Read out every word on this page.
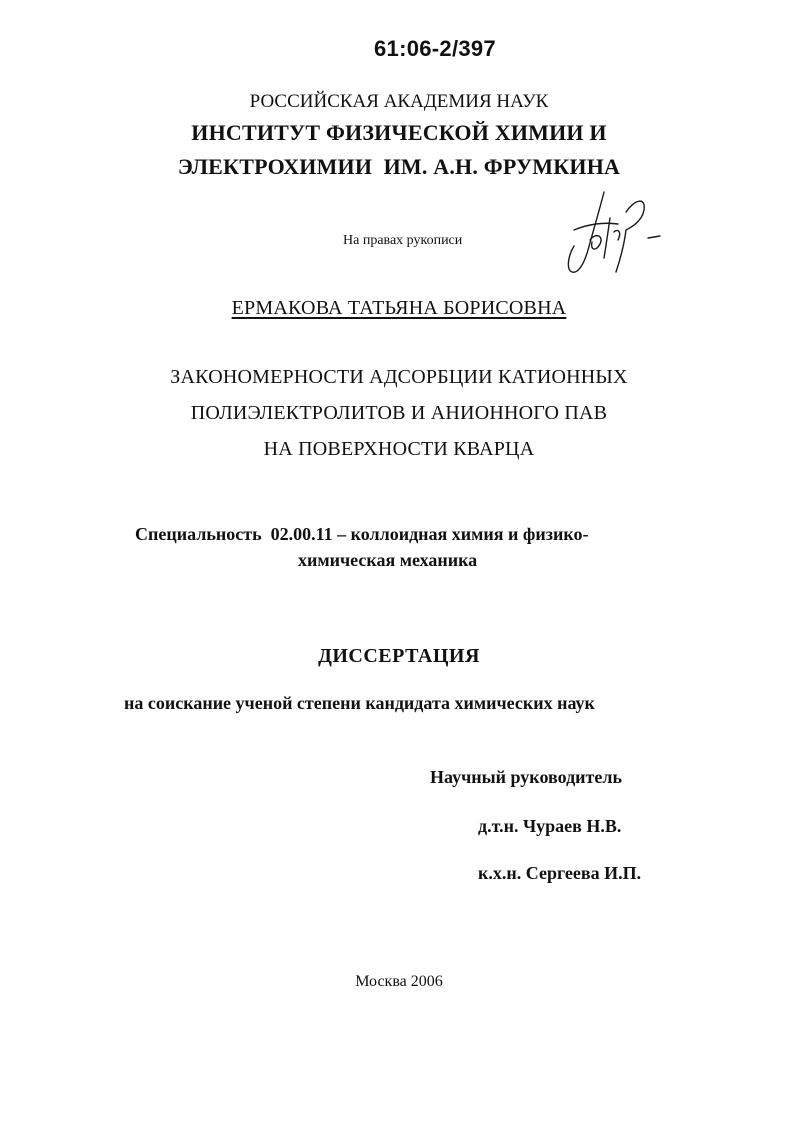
61:06-2/397
РОССИЙСКАЯ АКАДЕМИЯ НАУК
ИНСТИТУТ ФИЗИЧЕСКОЙ ХИМИИ И
ЭЛЕКТРОХИМИИ  ИМ. А.Н. ФРУМКИНА
На правах рукописи
ЕРМАКОВА ТАТЬЯНА БОРИСОВНА
ЗАКОНОМЕРНОСТИ АДСОРБЦИИ КАТИОННЫХ
ПОЛИЭЛЕКТРОЛИТОВ И АНИОННОГО ПАВ
НА ПОВЕРХНОСТИ КВАРЦА
Специальность  02.00.11 – коллоидная химия и физико-
химическая механика
ДИССЕРТАЦИЯ
на соискание ученой степени кандидата химических наук
Научный руководитель
д.т.н. Чураев Н.В.
к.х.н. Сергеева И.П.
Москва 2006
